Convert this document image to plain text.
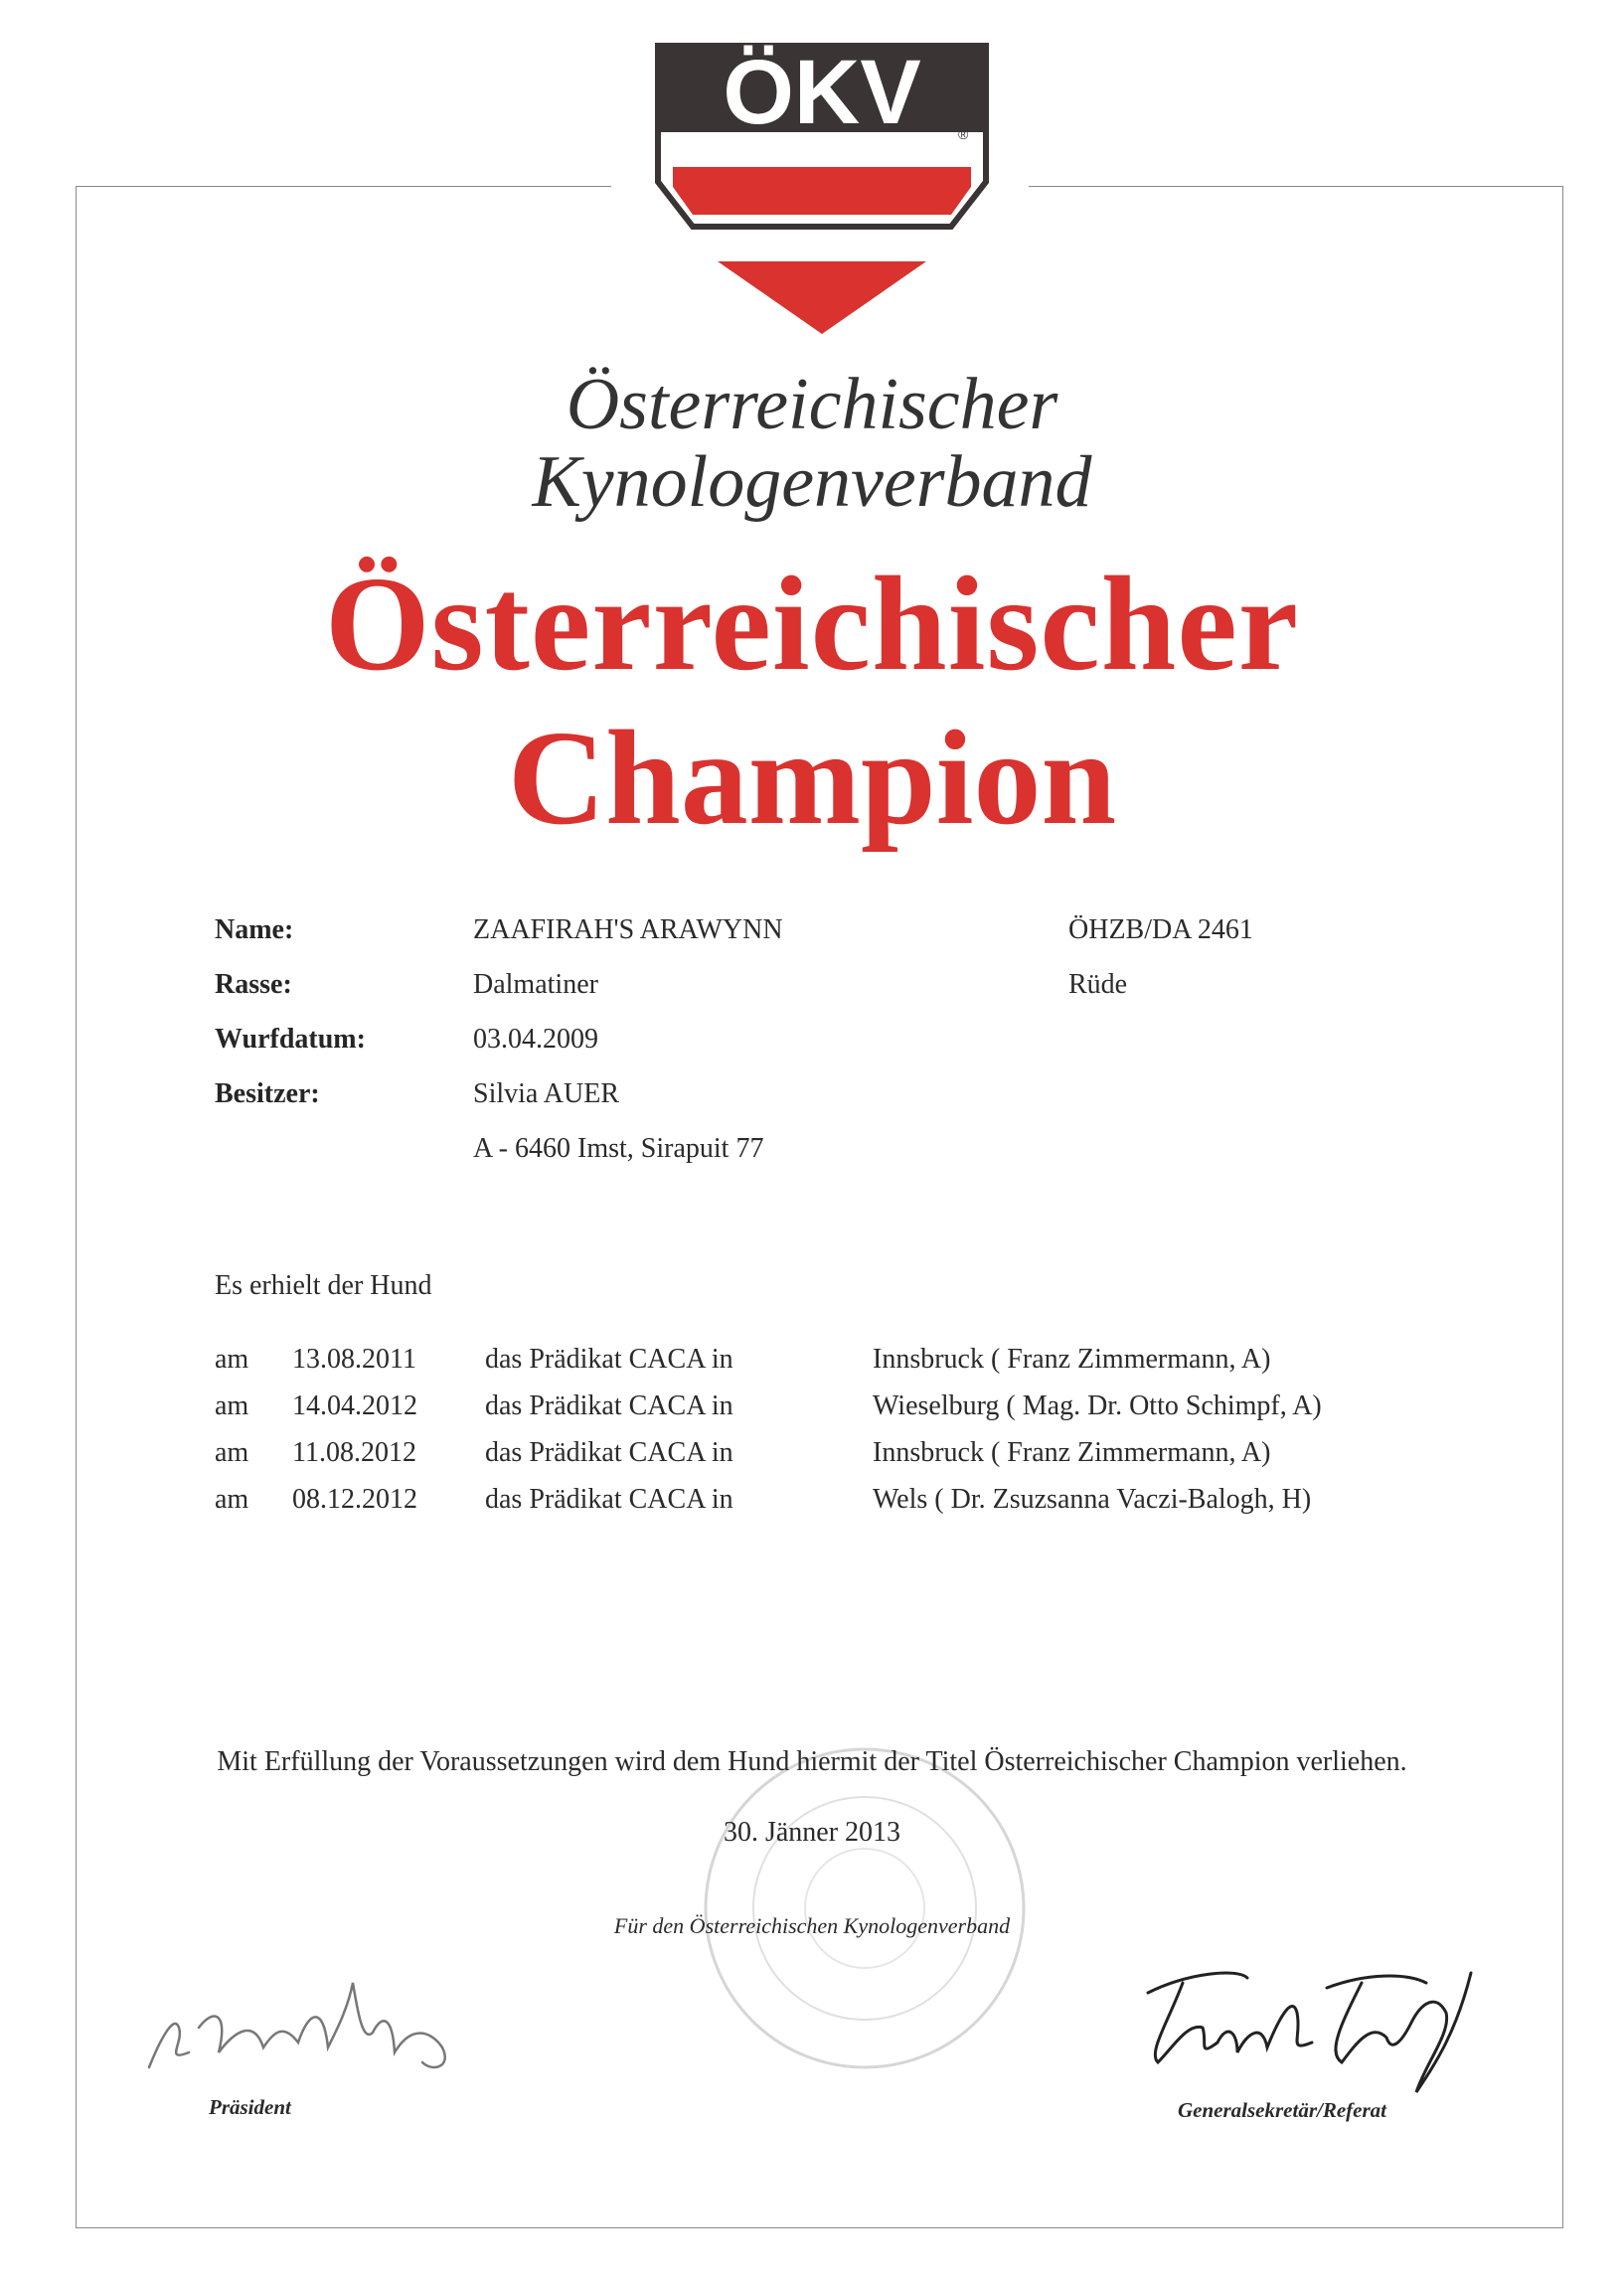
ÖKV	®
Österreichischer
Kynologenverband
Österreichischer
Champion
Name:	ZAAFIRAH'S ARAWYNN	ÖHZB/DA 2461
Rasse:	Dalmatiner	Rüde
Wurfdatum:	03.04.2009
Besitzer:	Silvia AUER
A - 6460 Imst, Sirapuit 77
Es erhielt der Hund
am 13.08.2011 das Prädikat CACA in	Innsbruck ( Franz Zimmermann, A)
am 14.04.2012 das Prädikat CACA in	Wieselburg ( Mag. Dr. Otto Schimpf, A)
am 11.08.2012 das Prädikat CACA in	Innsbruck ( Franz Zimmermann, A)
am 08.12.2012 das Prädikat CACA in	Wels ( Dr. Zsuzsanna Vaczi-Balogh, H)
Mit Erfüllung der Voraussetzungen wird dem Hund hiermit der Titel Österreichischer Champion verliehen.
30. Jänner 2013
Für den Österreichischen Kynologenverband
Präsident	Generalsekretär/Referat
